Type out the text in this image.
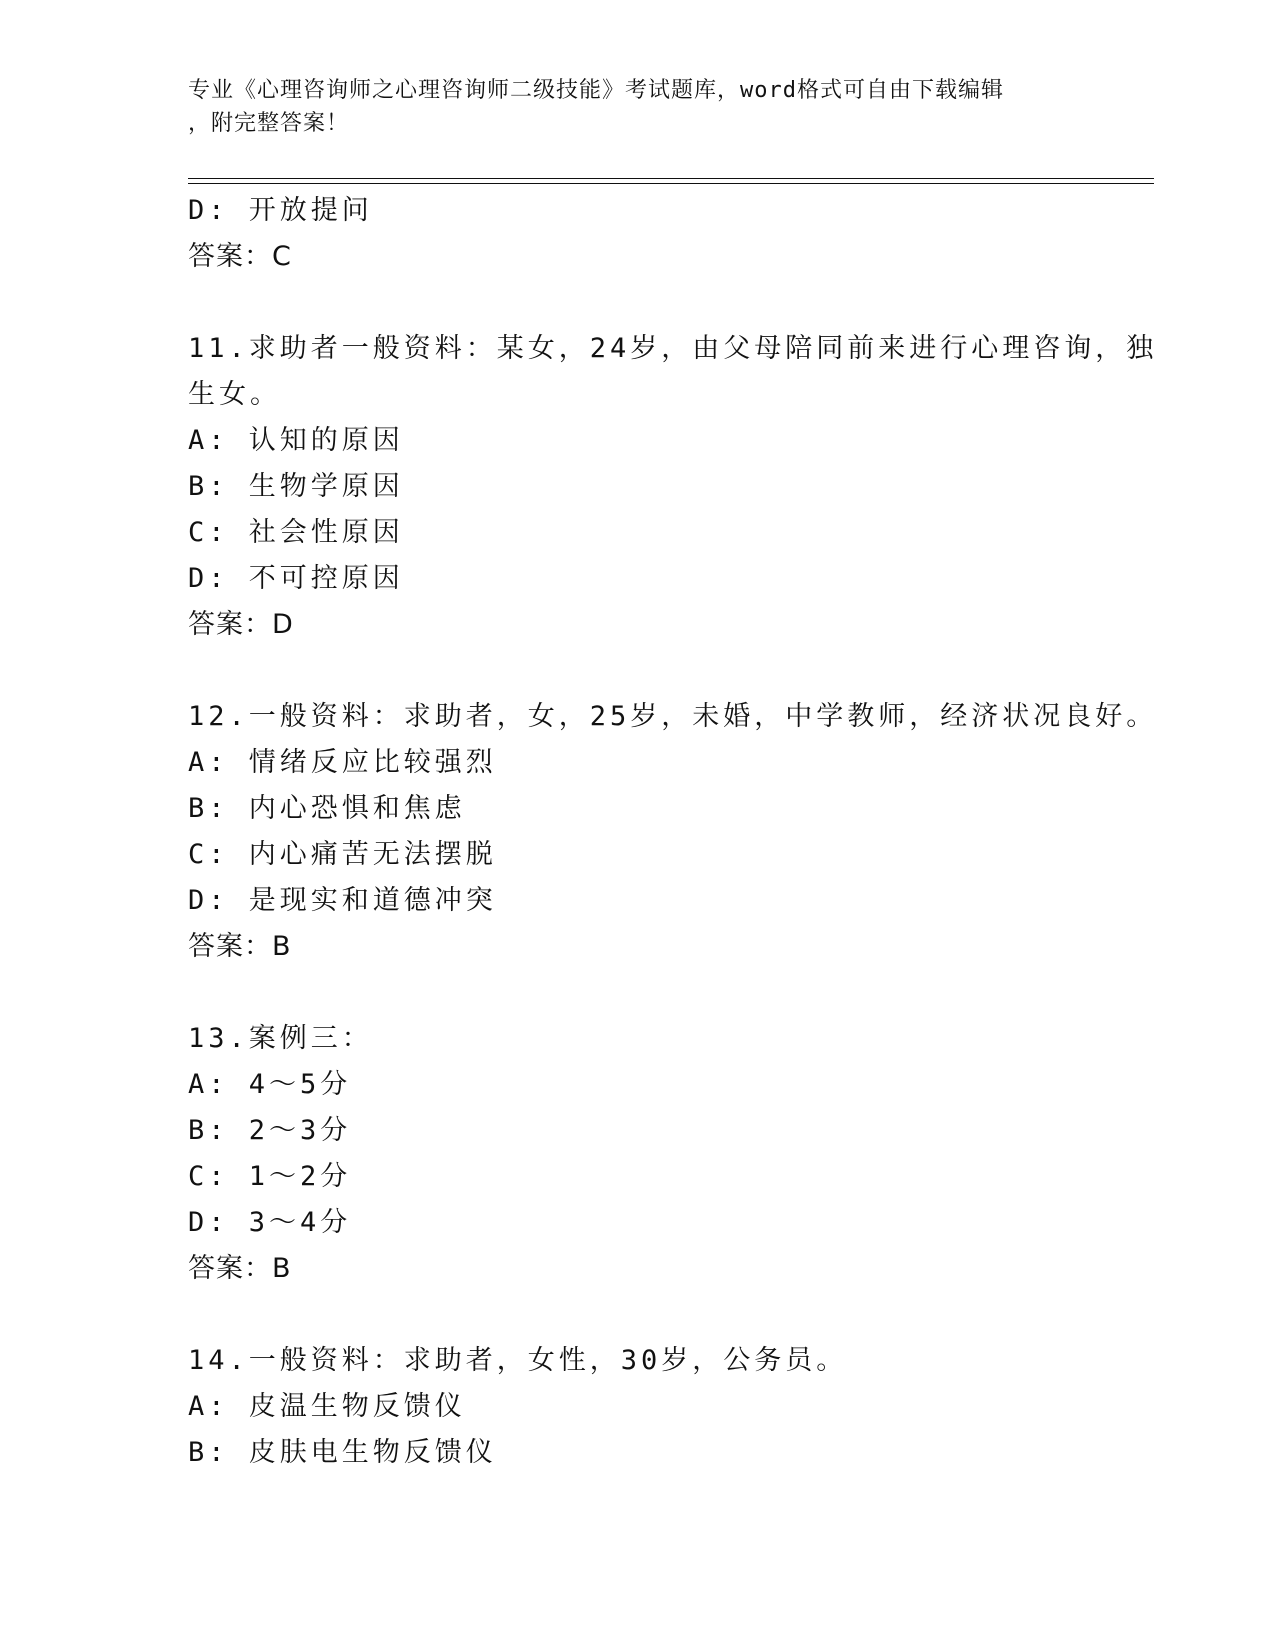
专业《心理咨询师之心理咨询师二级技能》考试题库，word格式可自由下载编辑
，附完整答案！
D: 开放提问
答案：C
11.求助者一般资料：某女，24岁，由父母陪同前来进行心理咨询，独
生女。
A: 认知的原因
B: 生物学原因
C: 社会性原因
D: 不可控原因
答案：D
12.一般资料：求助者，女，25岁，未婚，中学教师，经济状况良好。
A: 情绪反应比较强烈
B: 内心恐惧和焦虑
C: 内心痛苦无法摆脱
D: 是现实和道德冲突
答案：B
13.案例三：
A: 4～5分
B: 2～3分
C: 1～2分
D: 3～4分
答案：B
14.一般资料：求助者，女性，30岁，公务员。
A: 皮温生物反馈仪
B: 皮肤电生物反馈仪
